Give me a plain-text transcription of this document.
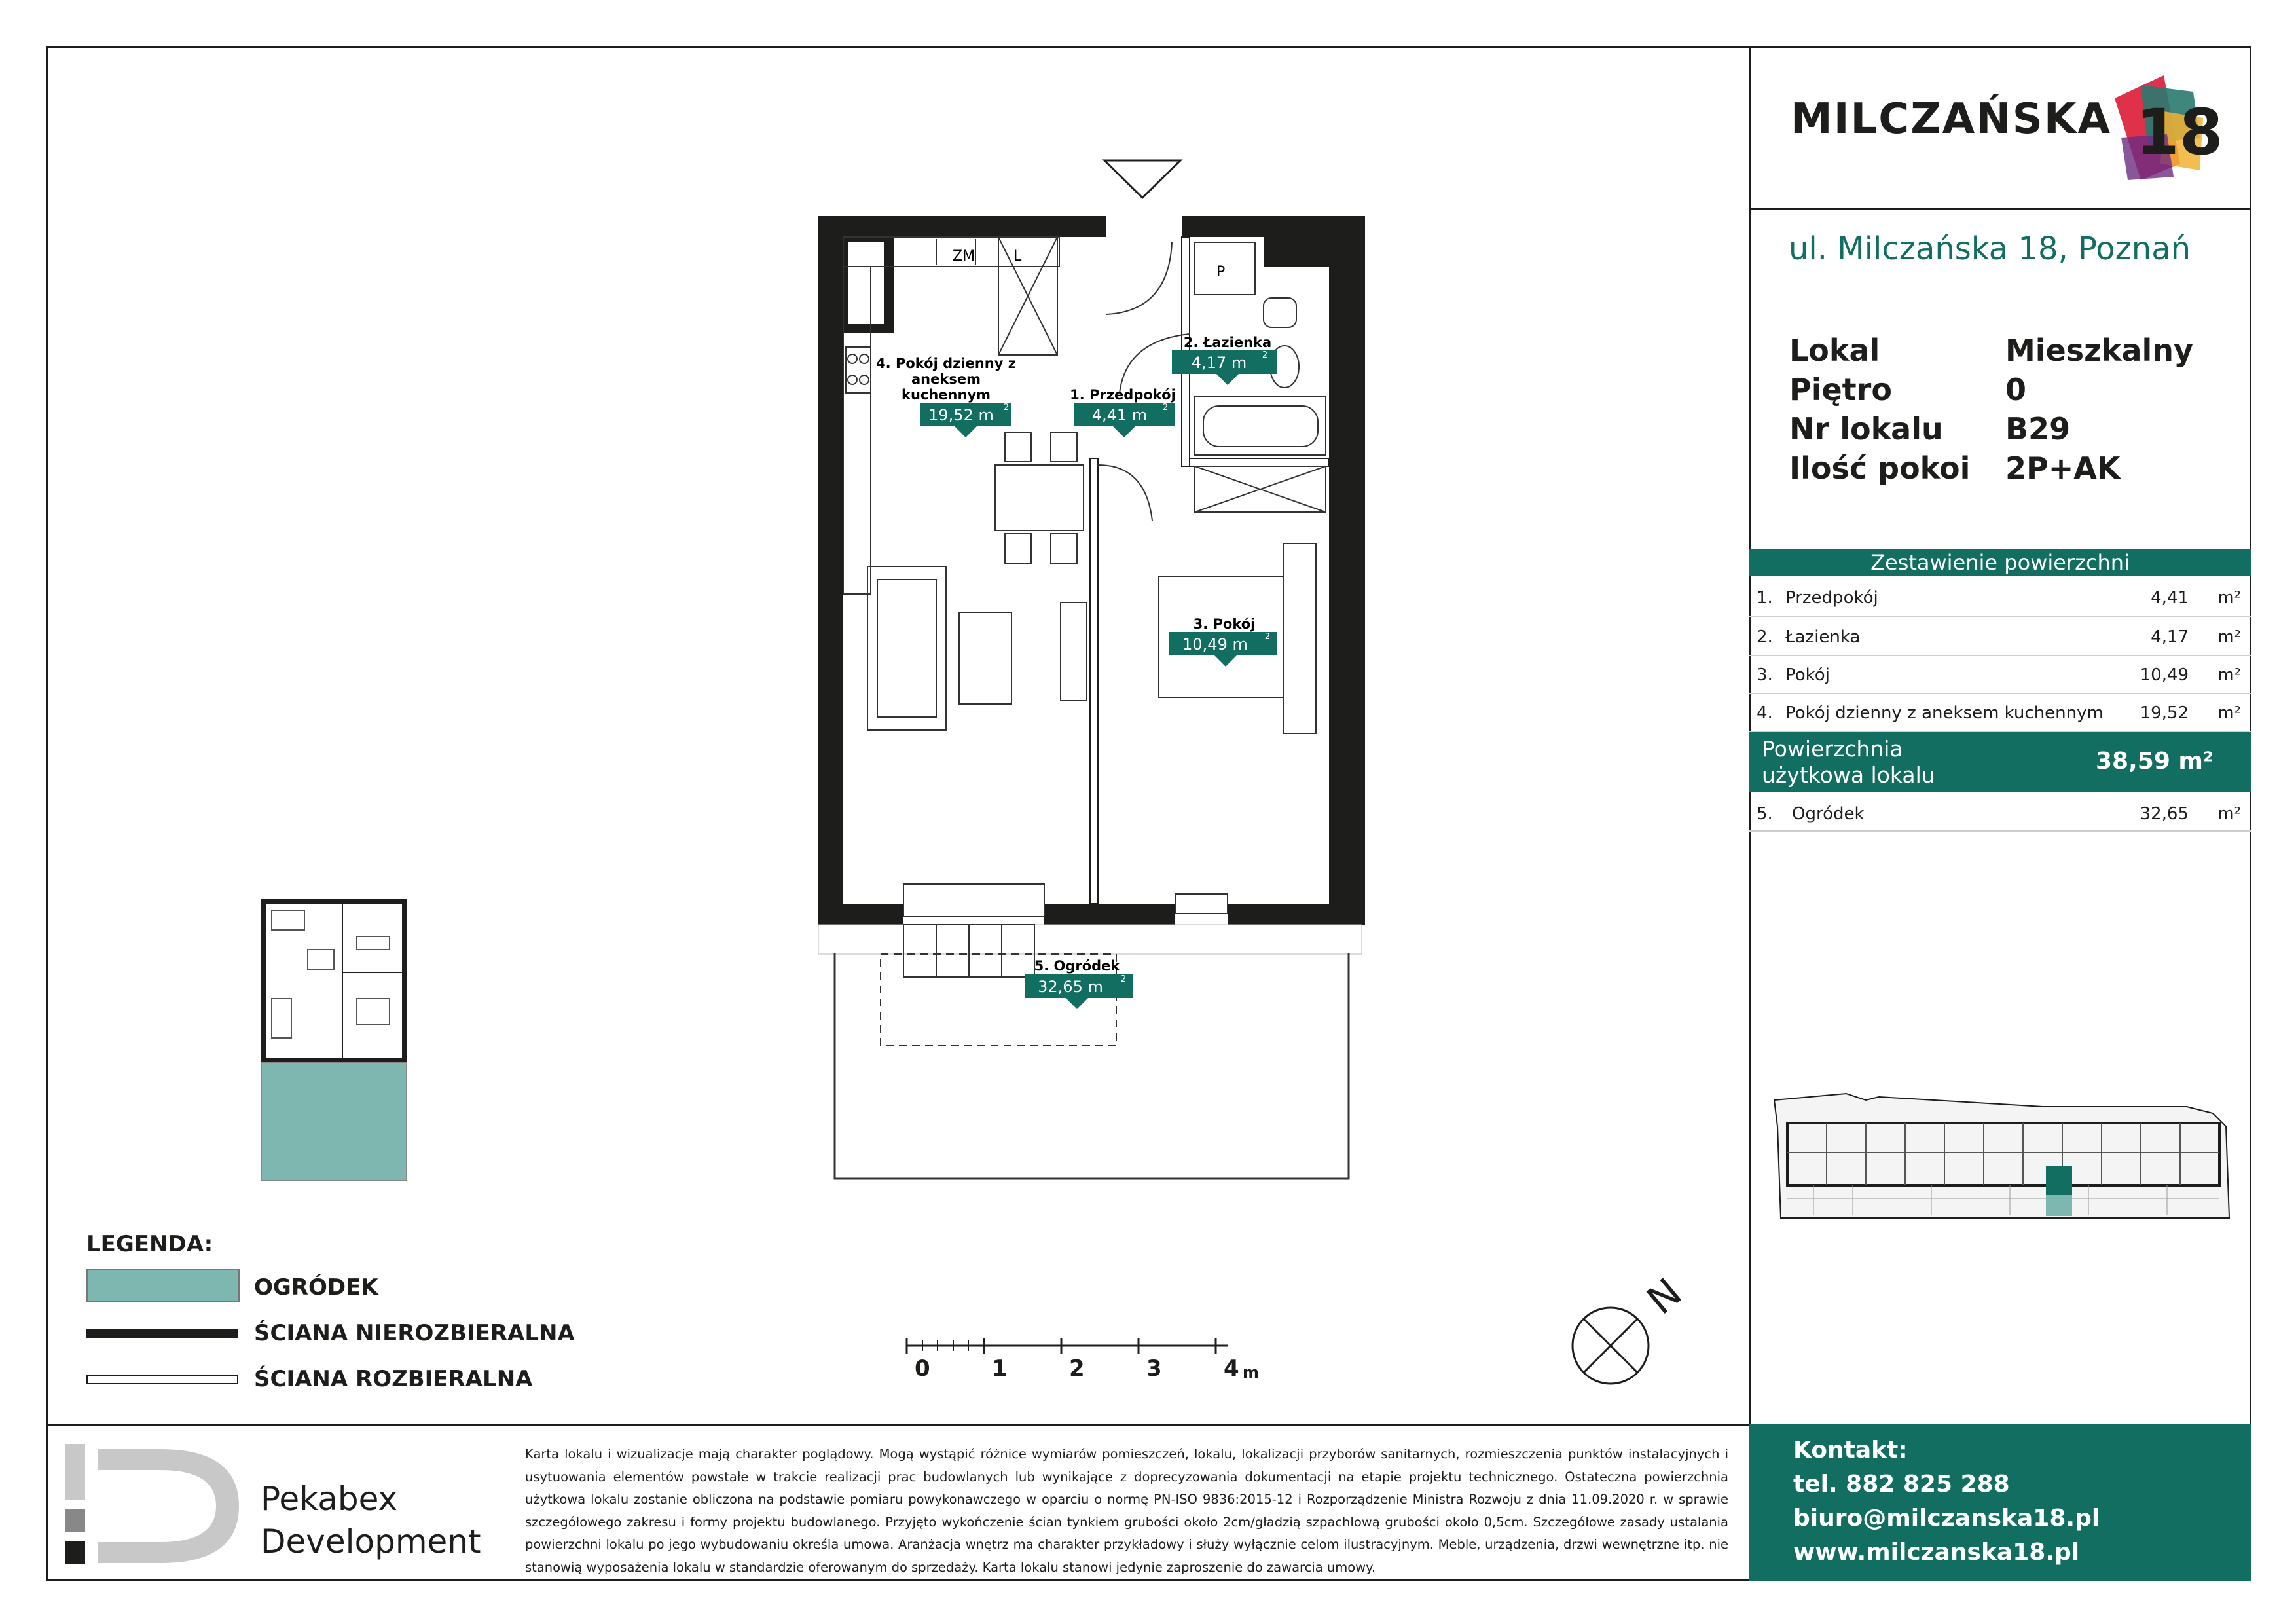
MILCZAŃSKA 18
ul. Milczańska 18, Poznań
Lokal	Mieszkalny
Piętro	0
Nr lokalu B29
Ilość pokoi 2P+AK
Zestawienie powierzchni
1. Przedpokój	4,41 m²
2. Łazienka	4,17 m²
3. Pokój	10,49 m²
4. Pokój dzienny z aneksem kuchennym 19,52 m²
Powierzchnia
użytkowa lokalu
38,59 m²
5. Ogródek	32,65 m²
ZM	L
P
4. Pokój dzienny z
aneksem
kuchennym
19,52 m 2
1. Przedpokój
4,41 m 2
2. Łazienka
4,17 m 2
3. Pokój
10,49 m 2
5. Ogródek
32,65 m 2
LEGENDA:
OGRÓDEK
ŚCIANA NIEROZBIERALNA
ŚCIANA ROZBIERALNA	0	1	2	3	4 m
N
Pekabex
Development
Karta lokalu i wizualizacje mają charakter poglądowy. Mogą wystąpić różnice wymiarów pomieszczeń, lokalu, lokalizacji przyborów sanitarnych, rozmieszczenia punktów instalacyjnych i usytuowania elementów powstałe w trakcie realizacji prac budowlanych lub wynikające z doprecyzowania dokumentacji na etapie projektu technicznego. Ostateczna powierzchnia użytkowa lokalu zostanie obliczona na podstawie pomiaru powykonawczego w oparciu o normę PN-ISO 9836:2015-12 i Rozporządzenie Ministra Rozwoju z dnia 11.09.2020 r. w sprawie szczegółowego zakresu i formy projektu budowlanego. Przyjęto wykończenie ścian tynkiem grubości około 2cm/gładzią szpachlową grubości około 0,5cm. Szczegółowe zasady ustalania powierzchni lokalu po jego wybudowaniu określa umowa. Aranżacja wnętrz ma charakter przykładowy i służy wyłącznie celom ilustracyjnym. Meble, urządzenia, drzwi wewnętrzne itp. nie stanowią wyposażenia lokalu w standardzie oferowanym do sprzedaży. Karta lokalu stanowi jedynie zaproszenie do zawarcia umowy.
Kontakt:
tel. 882 825 288
biuro@milczanska18.pl
www.milczanska18.pl
